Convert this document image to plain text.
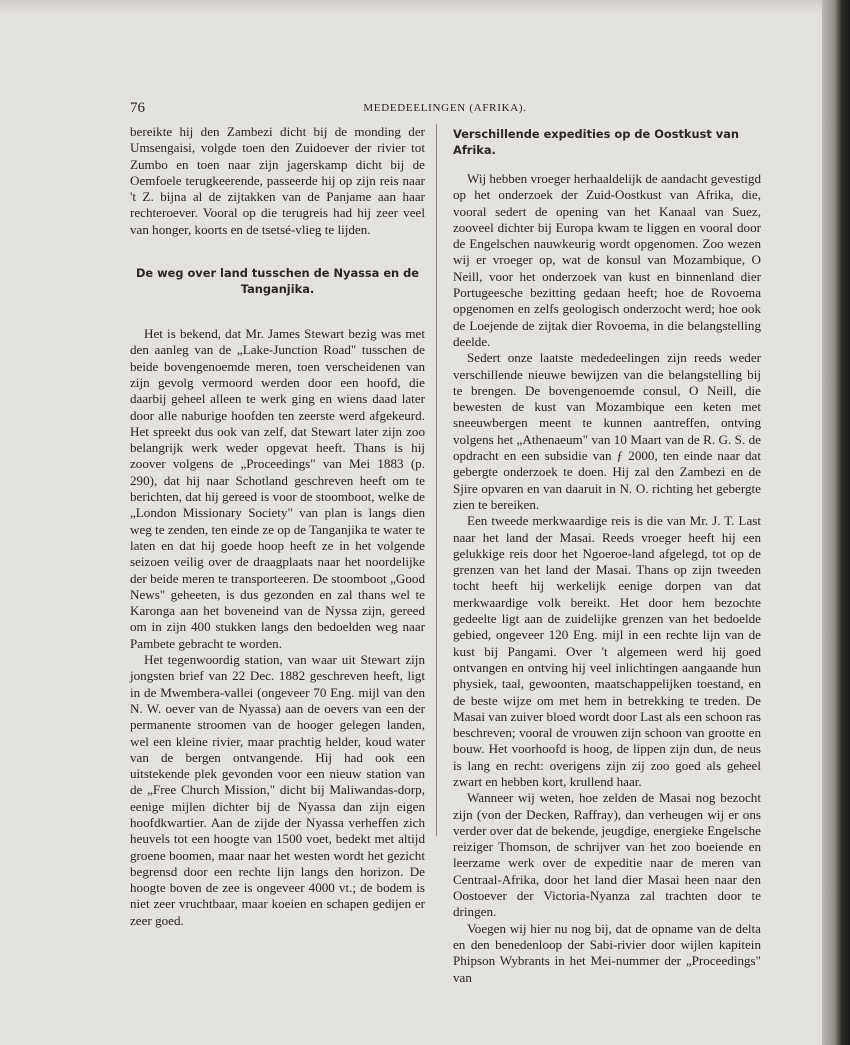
76	MEDEDEELINGEN (AFRIKA).

bereikte hij den Zambezi dicht bij de monding der Umsengaisi, volgde toen den Zuidoever der rivier tot Zumbo en toen naar zijn jagerskamp dicht bij de Oemfoele terugkeerende, passeerde hij op zijn reis naar 't Z. bijna al de zijtakken van de Panjame aan haar rechteroever. Vooral op die terugreis had hij zeer veel van honger, koorts en de tsetsé-vlieg te lijden.

De weg over land tusschen de Nyassa en de Tanganjika.

Het is bekend, dat Mr. James Stewart bezig was met den aanleg van de „Lake-Junction Road" tusschen de beide bovengenoemde meren, toen verscheidenen van zijn gevolg vermoord werden door een hoofd, die daarbij geheel alleen te werk ging en wiens daad later door alle naburige hoofden ten zeerste werd afgekeurd. Het spreekt dus ook van zelf, dat Stewart later zijn zoo belangrijk werk weder opgevat heeft. Thans is hij zoover volgens de „Proceedings" van Mei 1883 (p. 290), dat hij naar Schotland geschreven heeft om te berichten, dat hij gereed is voor de stoomboot, welke de „London Missionary Society" van plan is langs dien weg te zenden, ten einde ze op de Tanganjika te water te laten en dat hij goede hoop heeft ze in het volgende seizoen veilig over de draagplaats naar het noordelijke der beide meren te transporteeren. De stoomboot „Good News" geheeten, is dus gezonden en zal thans wel te Karonga aan het boveneind van de Nyssa zijn, gereed om in zijn 400 stukken langs den bedoelden weg naar Pambete gebracht te worden.

Het tegenwoordig station, van waar uit Stewart zijn jongsten brief van 22 Dec. 1882 geschreven heeft, ligt in de Mwembera-vallei (ongeveer 70 Eng. mijl van den N. W. oever van de Nyassa) aan de oevers van een der permanente stroomen van de hooger gelegen landen, wel een kleine rivier, maar prachtig helder, koud water van de bergen ontvangende. Hij had ook een uitstekende plek gevonden voor een nieuw station van de „Free Church Mission," dicht bij Maliwandas-dorp, eenige mijlen dichter bij de Nyassa dan zijn eigen hoofdkwartier. Aan de zijde der Nyassa verheffen zich heuvels tot een hoogte van 1500 voet, bedekt met altijd groene boomen, maar naar het westen wordt het gezicht begrensd door een rechte lijn langs den horizon. De hoogte boven de zee is ongeveer 4000 vt.; de bodem is niet zeer vruchtbaar, maar koeien en schapen gedijen er zeer goed.

Verschillende expedities op de Oostkust van Afrika.

Wij hebben vroeger herhaaldelijk de aandacht gevestigd op het onderzoek der Zuid-Oostkust van Afrika, die, vooral sedert de opening van het Kanaal van Suez, zooveel dichter bij Europa kwam te liggen en vooral door de Engelschen nauwkeurig wordt opgenomen. Zoo wezen wij er vroeger op, wat de konsul van Mozambique, O Neill, voor het onderzoek van kust en binnenland dier Portugeesche bezitting gedaan heeft; hoe de Rovoema opgenomen en zelfs geologisch onderzocht werd; hoe ook de Loejende de zijtak dier Rovoema, in die belangstelling deelde.

Sedert onze laatste mededeelingen zijn reeds weder verschillende nieuwe bewijzen van die belangstelling bij te brengen. De bovengenoemde consul, O Neill, die bewesten de kust van Mozambique een keten met sneeuwbergen meent te kunnen aantreffen, ontving volgens het „Athenaeum" van 10 Maart van de R. G. S. de opdracht en een subsidie van ƒ 2000, ten einde naar dat gebergte onderzoek te doen. Hij zal den Zambezi en de Sjire opvaren en van daaruit in N. O. richting het gebergte zien te bereiken.

Een tweede merkwaardige reis is die van Mr. J. T. Last naar het land der Masai. Reeds vroeger heeft hij een gelukkige reis door het Ngoeroe-land afgelegd, tot op de grenzen van het land der Masai. Thans op zijn tweeden tocht heeft hij werkelijk eenige dorpen van dat merkwaardige volk bereikt. Het door hem bezochte gedeelte ligt aan de zuidelijke grenzen van het bedoelde gebied, ongeveer 120 Eng. mijl in een rechte lijn van de kust bij Pangami. Over 't algemeen werd hij goed ontvangen en ontving hij veel inlichtingen aangaande hun physiek, taal, gewoonten, maatschappelijken toestand, en de beste wijze om met hem in betrekking te treden. De Masai van zuiver bloed wordt door Last als een schoon ras beschreven; vooral de vrouwen zijn schoon van grootte en bouw. Het voorhoofd is hoog, de lippen zijn dun, de neus is lang en recht: overigens zijn zij zoo goed als geheel zwart en hebben kort, krullend haar.

Wanneer wij weten, hoe zelden de Masai nog bezocht zijn (von der Decken, Raffray), dan verheugen wij er ons verder over dat de bekende, jeugdige, energieke Engelsche reiziger Thomson, de schrijver van het zoo boeiende en leerzame werk over de expeditie naar de meren van Centraal-Afrika, door het land dier Masai heen naar den Oostoever der Victoria-Nyanza zal trachten door te dringen.

Voegen wij hier nu nog bij, dat de opname van de delta en den benedenloop der Sabi-rivier door wijlen kapitein Phipson Wybrants in het Mei-nummer der „Proceedings" van
